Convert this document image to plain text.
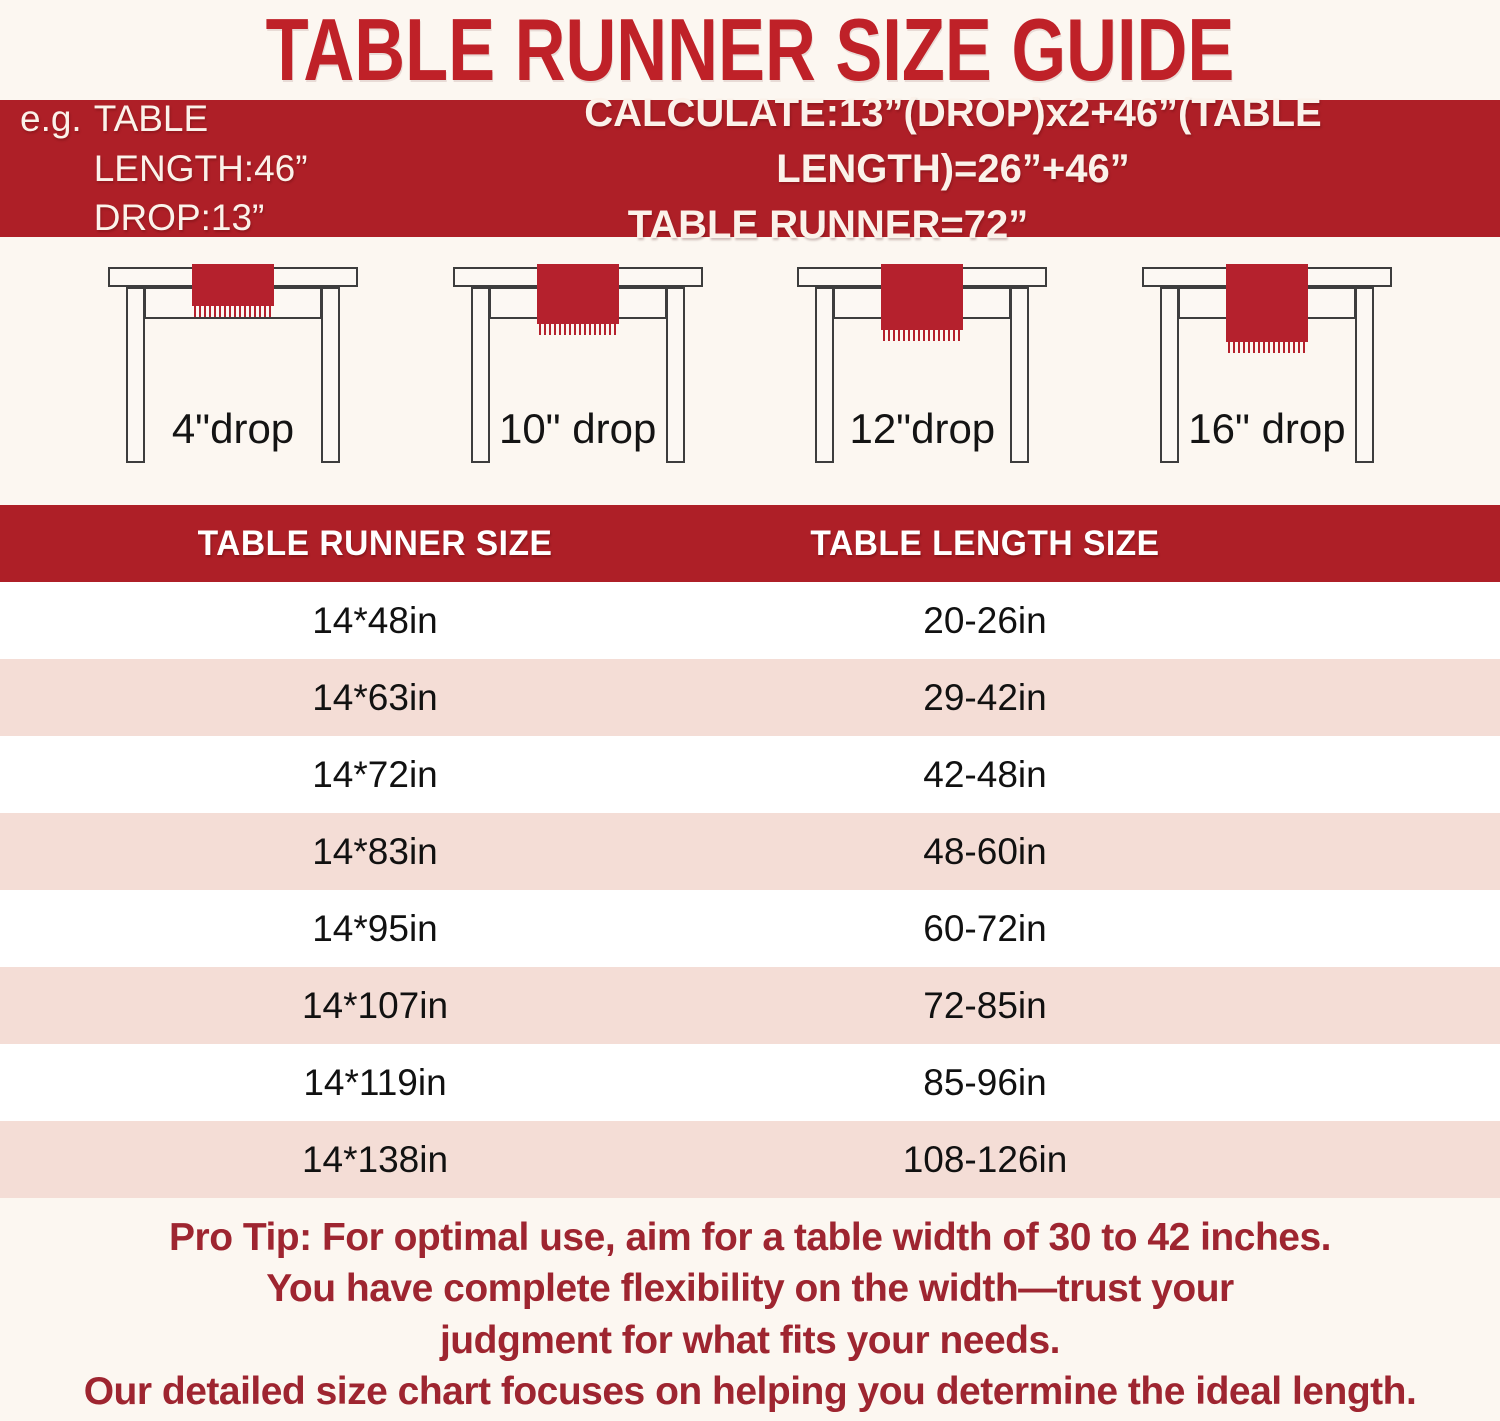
TABLE RUNNER SIZE GUIDE
e.g. TABLE LENGTH:46”
DROP:13”
CALCULATE:13”(DROP)x2+46”(TABLE LENGTH)=26”+46”
TABLE RUNNER=72”
4"drop	10" drop	12"drop	16" drop
TABLE RUNNER SIZE	TABLE LENGTH SIZE
14*48in	20-26in
14*63in	29-42in
14*72in	42-48in
14*83in	48-60in
14*95in	60-72in
14*107in	72-85in
14*119in	85-96in
14*138in	108-126in
Pro Tip: For optimal use, aim for a table width of 30 to 42 inches.
You have complete flexibility on the width—trust your
judgment for what fits your needs.
Our detailed size chart focuses on helping you determine the ideal length.
